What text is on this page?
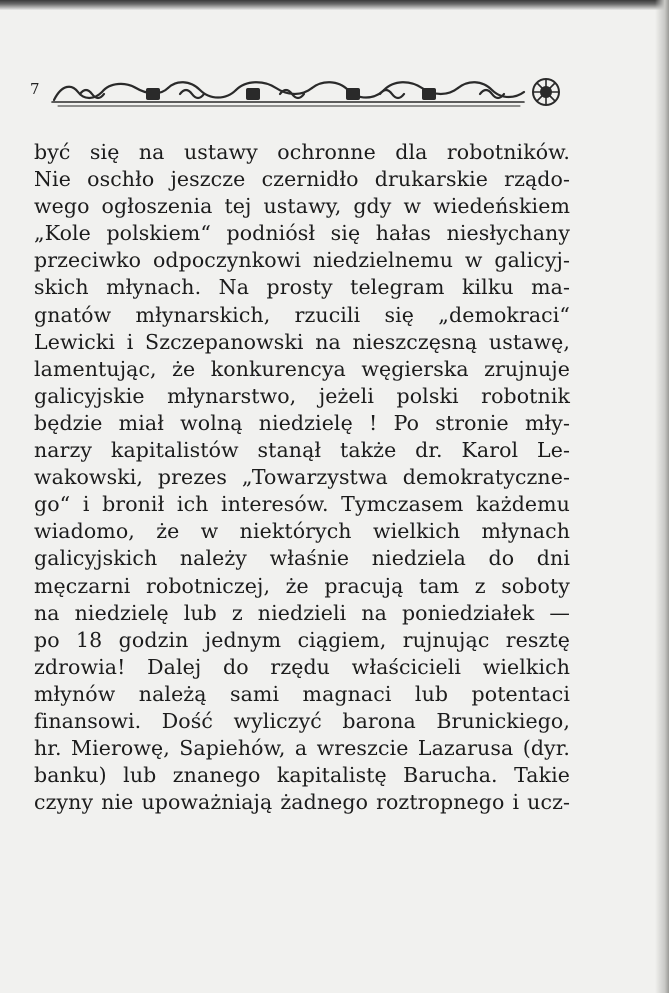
7
być się na ustawy ochronne dla robotników.
Nie oschło jeszcze czernidło drukarskie rządo-
wego ogłoszenia tej ustawy, gdy w wiedeńskiem
„Kole polskiem“ podniósł się hałas niesłychany
przeciwko odpoczynkowi niedzielnemu w galicyj-
skich młynach. Na prosty telegram kilku ma-
gnatów młynarskich, rzucili się „demokraci“
Lewicki i Szczepanowski na nieszczęsną ustawę,
lamentując, że konkurencya węgierska zrujnuje
galicyjskie młynarstwo, jeżeli polski robotnik
będzie miał wolną niedzielę ! Po stronie mły-
narzy kapitalistów stanął także dr. Karol Le-
wakowski, prezes „Towarzystwa demokratyczne-
go“ i bronił ich interesów. Tymczasem każdemu
wiadomo, że w niektórych wielkich młynach
galicyjskich należy właśnie niedziela do dni
męczarni robotniczej, że pracują tam z soboty
na niedzielę lub z niedzieli na poniedziałek —
po 18 godzin jednym ciągiem, rujnując resztę
zdrowia! Dalej do rzędu właścicieli wielkich
młynów należą sami magnaci lub potentaci
finansowi. Dość wyliczyć barona Brunickiego,
hr. Mierowę, Sapiehów, a wreszcie Lazarusa (dyr.
banku) lub znanego kapitalistę Barucha. Takie
czyny nie upoważniają żadnego roztropnego i ucz-
